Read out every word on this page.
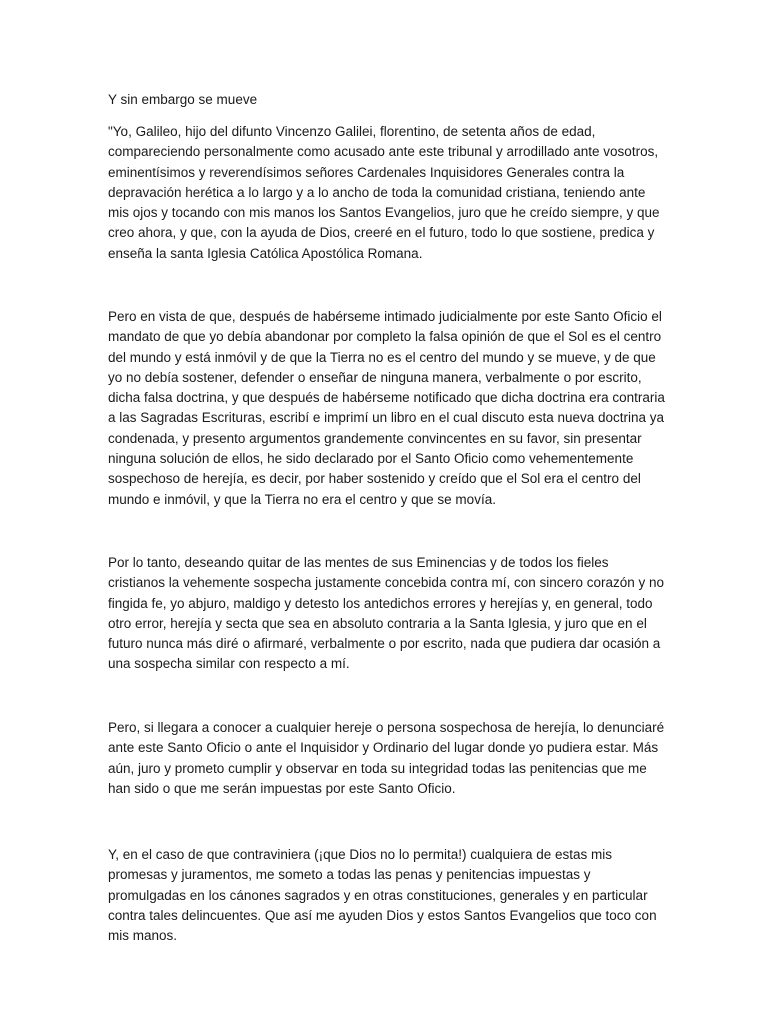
Y sin embargo se mueve

"Yo, Galileo, hijo del difunto Vincenzo Galilei, florentino, de setenta años de edad, compareciendo personalmente como acusado ante este tribunal y arrodillado ante vosotros, eminentísimos y reverendísimos señores Cardenales Inquisidores Generales contra la depravación herética a lo largo y a lo ancho de toda la comunidad cristiana, teniendo ante mis ojos y tocando con mis manos los Santos Evangelios, juro que he creído siempre, y que creo ahora, y que, con la ayuda de Dios, creeré en el futuro, todo lo que sostiene, predica y enseña la santa Iglesia Católica Apostólica Romana.

Pero en vista de que, después de habérseme intimado judicialmente por este Santo Oficio el mandato de que yo debía abandonar por completo la falsa opinión de que el Sol es el centro del mundo y está inmóvil y de que la Tierra no es el centro del mundo y se mueve, y de que yo no debía sostener, defender o enseñar de ninguna manera, verbalmente o por escrito, dicha falsa doctrina, y que después de habérseme notificado que dicha doctrina era contraria a las Sagradas Escrituras, escribí e imprimí un libro en el cual discuto esta nueva doctrina ya condenada, y presento argumentos grandemente convincentes en su favor, sin presentar ninguna solución de ellos, he sido declarado por el Santo Oficio como vehementemente sospechoso de herejía, es decir, por haber sostenido y creído que el Sol era el centro del mundo e inmóvil, y que la Tierra no era el centro y que se movía.

Por lo tanto, deseando quitar de las mentes de sus Eminencias y de todos los fieles cristianos la vehemente sospecha justamente concebida contra mí, con sincero corazón y no fingida fe, yo abjuro, maldigo y detesto los antedichos errores y herejías y, en general, todo otro error, herejía y secta que sea en absoluto contraria a la Santa Iglesia, y juro que en el futuro nunca más diré o afirmaré, verbalmente o por escrito, nada que pudiera dar ocasión a una sospecha similar con respecto a mí.

Pero, si llegara a conocer a cualquier hereje o persona sospechosa de herejía, lo denunciaré ante este Santo Oficio o ante el Inquisidor y Ordinario del lugar donde yo pudiera estar. Más aún, juro y prometo cumplir y observar en toda su integridad todas las penitencias que me han sido o que me serán impuestas por este Santo Oficio.

Y, en el caso de que contraviniera (¡que Dios no lo permita!) cualquiera de estas mis promesas y juramentos, me someto a todas las penas y penitencias impuestas y promulgadas en los cánones sagrados y en otras constituciones, generales y en particular contra tales delincuentes. Que así me ayuden Dios y estos Santos Evangelios que toco con mis manos.
